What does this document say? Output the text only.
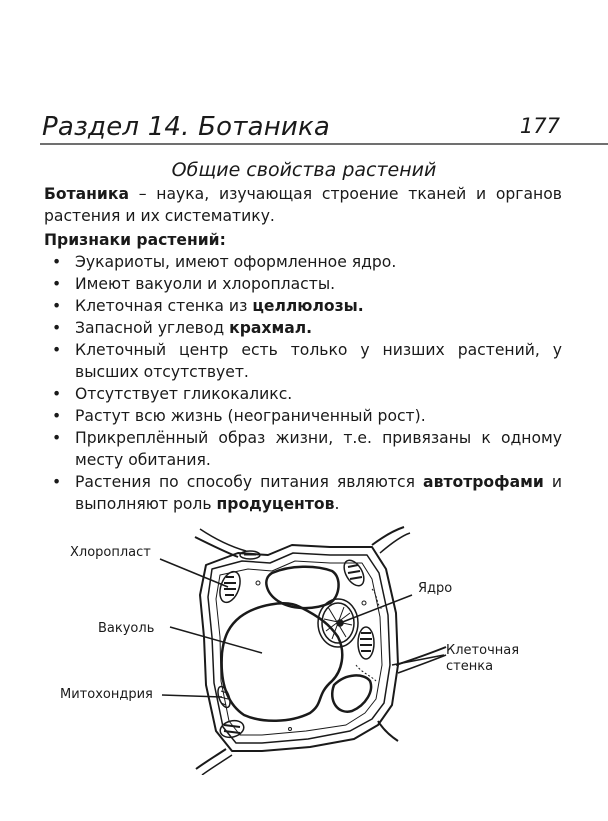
Раздел 14. Ботаника	177
Общие свойства растений
Ботаника – наука, изучающая строение тканей и органов растения и их систематику.
Признаки растений:
• Эукариоты, имеют оформленное ядро.
• Имеют вакуоли и хлоропласты.
• Клеточная стенка из целлюлозы.
• Запасной углевод крахмал.
• Клеточный центр есть только у низших растений, у высших отсутствует.
• Отсутствует гликокаликс.
• Растут всю жизнь (неограниченный рост).
• Прикреплённый образ жизни, т.е. привязаны к одному месту обитания.
• Растения по способу питания являются автотрофами и выполняют роль продуцентов.
Хлоропласт
Вакуоль
Митохондрия
Ядро
Клеточная
стенка
